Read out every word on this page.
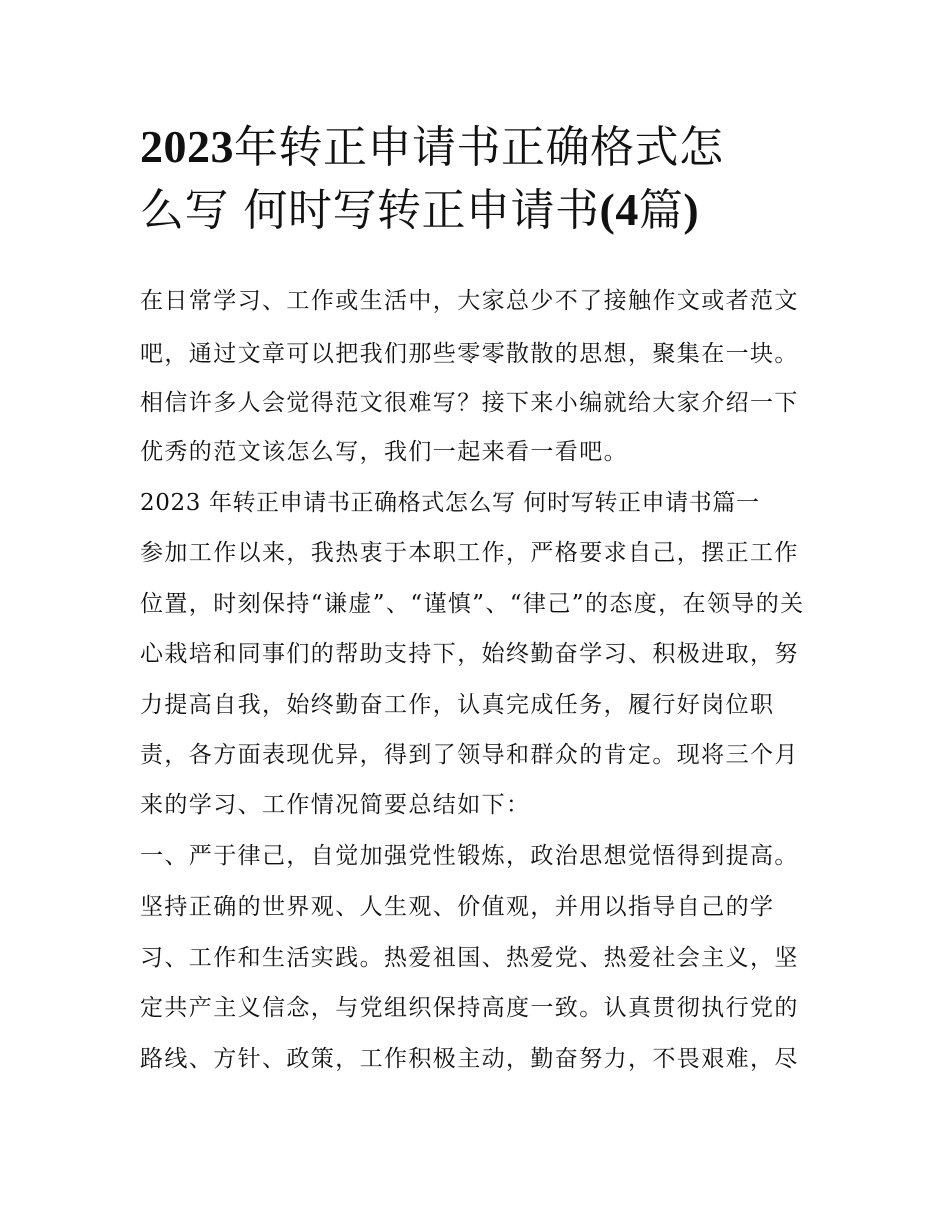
2023年转正申请书正确格式怎
么写 何时写转正申请书(4篇)

在日常学习、工作或生活中，大家总少不了接触作文或者范文

吧，通过文章可以把我们那些零零散散的思想，聚集在一块。

相信许多人会觉得范文很难写？接下来小编就给大家介绍一下

优秀的范文该怎么写，我们一起来看一看吧。

2023 年转正申请书正确格式怎么写 何时写转正申请书篇一

参加工作以来，我热衷于本职工作，严格要求自己，摆正工作

位置，时刻保持“谦虚”、“谨慎”、“律己”的态度，在领导的关

心栽培和同事们的帮助支持下，始终勤奋学习、积极进取，努

力提高自我，始终勤奋工作，认真完成任务，履行好岗位职

责，各方面表现优异，得到了领导和群众的肯定。现将三个月

来的学习、工作情况简要总结如下：

一、严于律己，自觉加强党性锻炼，政治思想觉悟得到提高。

坚持正确的世界观、人生观、价值观，并用以指导自己的学

习、工作和生活实践。热爱祖国、热爱党、热爱社会主义，坚

定共产主义信念，与党组织保持高度一致。认真贯彻执行党的

路线、方针、政策，工作积极主动，勤奋努力，不畏艰难，尽
